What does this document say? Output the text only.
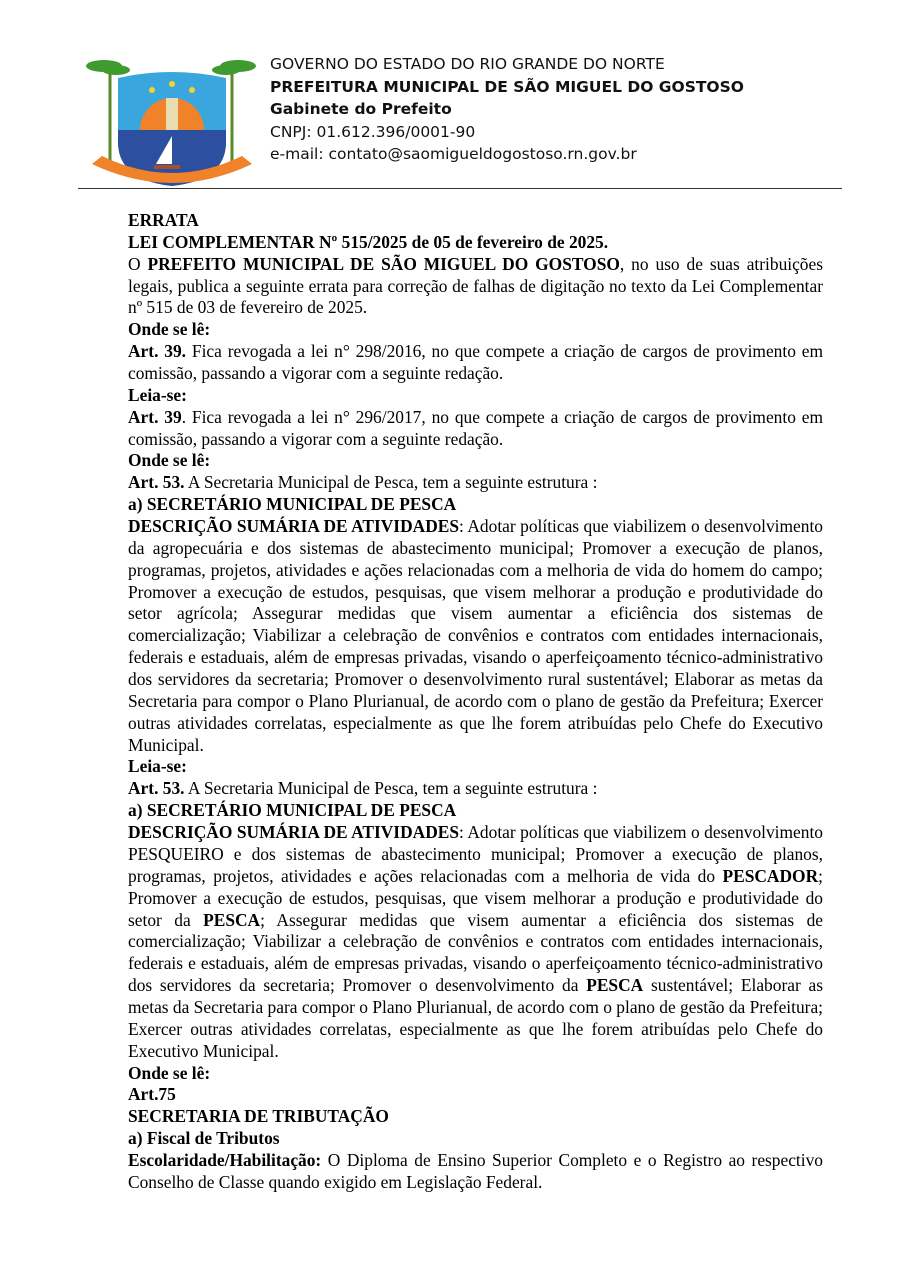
GOVERNO DO ESTADO DO RIO GRANDE DO NORTE
PREFEITURA MUNICIPAL DE SÃO MIGUEL DO GOSTOSO
Gabinete do Prefeito
CNPJ: 01.612.396/0001-90
e-mail: contato@saomigueldogostoso.rn.gov.br

ERRATA

LEI COMPLEMENTAR Nº 515/2025 de 05 de fevereiro de 2025.

O PREFEITO MUNICIPAL DE SÃO MIGUEL DO GOSTOSO, no uso de suas atribuições legais, publica a seguinte errata para correção de falhas de digitação no texto da Lei Complementar nº 515 de 03 de fevereiro de 2025.

Onde se lê:

Art. 39. Fica revogada a lei n° 298/2016, no que compete a criação de cargos de provimento em comissão, passando a vigorar com a seguinte redação.

Leia-se:

Art. 39. Fica revogada a lei n° 296/2017, no que compete a criação de cargos de provimento em comissão, passando a vigorar com a seguinte redação.

Onde se lê:

Art. 53. A Secretaria Municipal de Pesca, tem a seguinte estrutura :

a) SECRETÁRIO MUNICIPAL DE PESCA

DESCRIÇÃO SUMÁRIA DE ATIVIDADES: Adotar políticas que viabilizem o desenvolvimento da agropecuária e dos sistemas de abastecimento municipal; Promover a execução de planos, programas, projetos, atividades e ações relacionadas com a melhoria de vida do homem do campo; Promover a execução de estudos, pesquisas, que visem melhorar a produção e produtividade do setor agrícola; Assegurar medidas que visem aumentar a eficiência dos sistemas de comercialização; Viabilizar a celebração de convênios e contratos com entidades internacionais, federais e estaduais, além de empresas privadas, visando o aperfeiçoamento técnico-administrativo dos servidores da secretaria; Promover o desenvolvimento rural sustentável; Elaborar as metas da Secretaria para compor o Plano Plurianual, de acordo com o plano de gestão da Prefeitura; Exercer outras atividades correlatas, especialmente as que lhe forem atribuídas pelo Chefe do Executivo Municipal.

Leia-se:

Art. 53. A Secretaria Municipal de Pesca, tem a seguinte estrutura :

a) SECRETÁRIO MUNICIPAL DE PESCA

DESCRIÇÃO SUMÁRIA DE ATIVIDADES: Adotar políticas que viabilizem o desenvolvimento PESQUEIRO e dos sistemas de abastecimento municipal; Promover a execução de planos, programas, projetos, atividades e ações relacionadas com a melhoria de vida do PESCADOR; Promover a execução de estudos, pesquisas, que visem melhorar a produção e produtividade do setor da PESCA; Assegurar medidas que visem aumentar a eficiência dos sistemas de comercialização; Viabilizar a celebração de convênios e contratos com entidades internacionais, federais e estaduais, além de empresas privadas, visando o aperfeiçoamento técnico-administrativo dos servidores da secretaria; Promover o desenvolvimento da PESCA sustentável; Elaborar as metas da Secretaria para compor o Plano Plurianual, de acordo com o plano de gestão da Prefeitura; Exercer outras atividades correlatas, especialmente as que lhe forem atribuídas pelo Chefe do Executivo Municipal.

Onde se lê:

Art.75

SECRETARIA DE TRIBUTAÇÃO

a) Fiscal de Tributos

Escolaridade/Habilitação: O Diploma de Ensino Superior Completo e o Registro ao respectivo Conselho de Classe quando exigido em Legislação Federal.
